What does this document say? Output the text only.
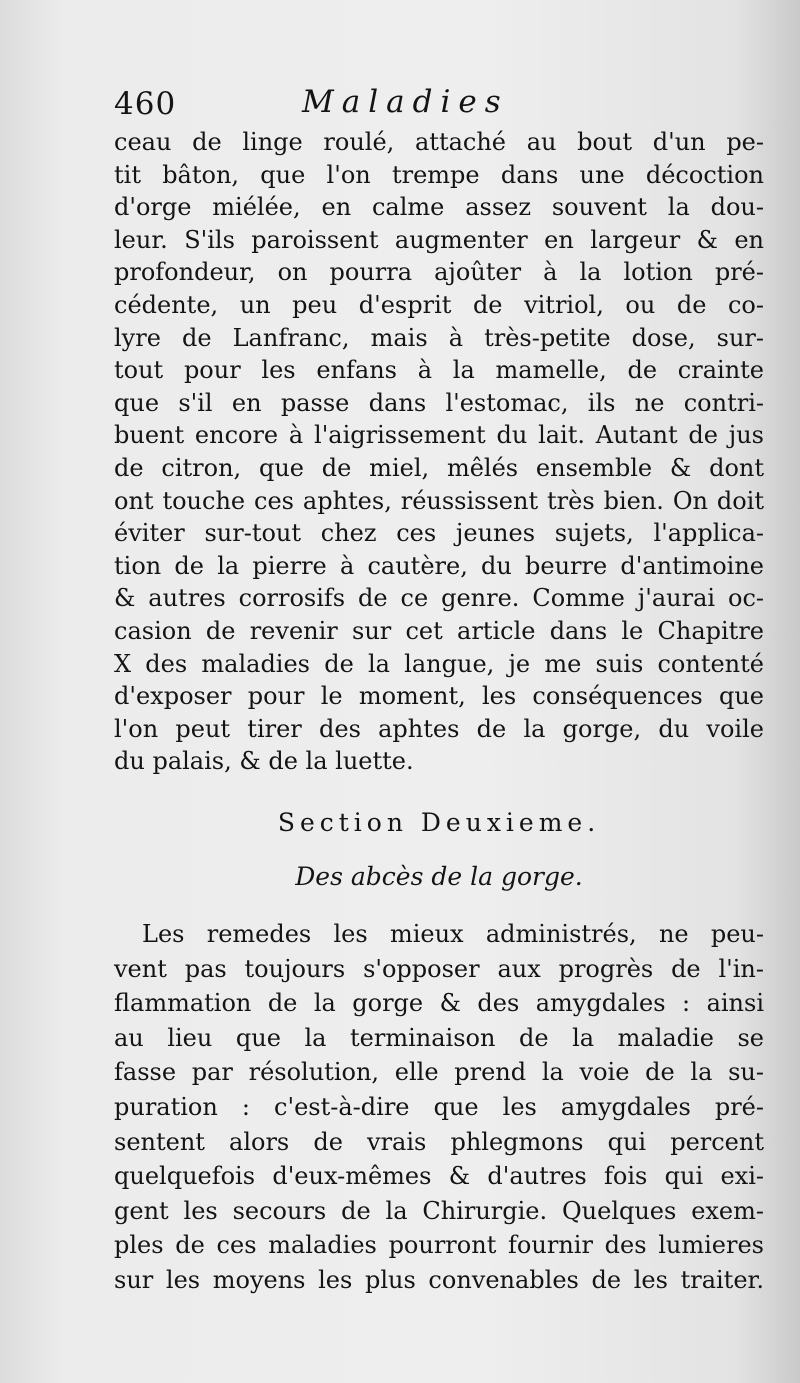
460	Maladies
ceau de linge roulé, attaché au bout d'un pe-
tit bâton, que l'on trempe dans une décoction
d'orge miélée, en calme assez souvent la dou-
leur. S'ils paroissent augmenter en largeur & en
profondeur, on pourra ajoûter à la lotion pré-
cédente, un peu d'esprit de vitriol, ou de co-
lyre de Lanfranc, mais à très-petite dose, sur-
tout pour les enfans à la mamelle, de crainte
que s'il en passe dans l'estomac, ils ne contri-
buent encore à l'aigrissement du lait. Autant de jus
de citron, que de miel, mêlés ensemble & dont
ont touche ces aphtes, réussissent très bien. On doit
éviter sur-tout chez ces jeunes sujets, l'applica-
tion de la pierre à cautère, du beurre d'antimoine
& autres corrosifs de ce genre. Comme j'aurai oc-
casion de revenir sur cet article dans le Chapitre
X des maladies de la langue, je me suis contenté
d'exposer pour le moment, les conséquences que
l'on peut tirer des aphtes de la gorge, du voile
du palais, & de la luette.
Section Deuxieme.
Des abcès de la gorge.
Les remedes les mieux administrés, ne peu-
vent pas toujours s'opposer aux progrès de l'in-
flammation de la gorge & des amygdales : ainsi
au lieu que la terminaison de la maladie se
fasse par résolution, elle prend la voie de la su-
puration : c'est-à-dire que les amygdales pré-
sentent alors de vrais phlegmons qui percent
quelquefois d'eux-mêmes & d'autres fois qui exi-
gent les secours de la Chirurgie. Quelques exem-
ples de ces maladies pourront fournir des lumieres
sur les moyens les plus convenables de les traiter.
